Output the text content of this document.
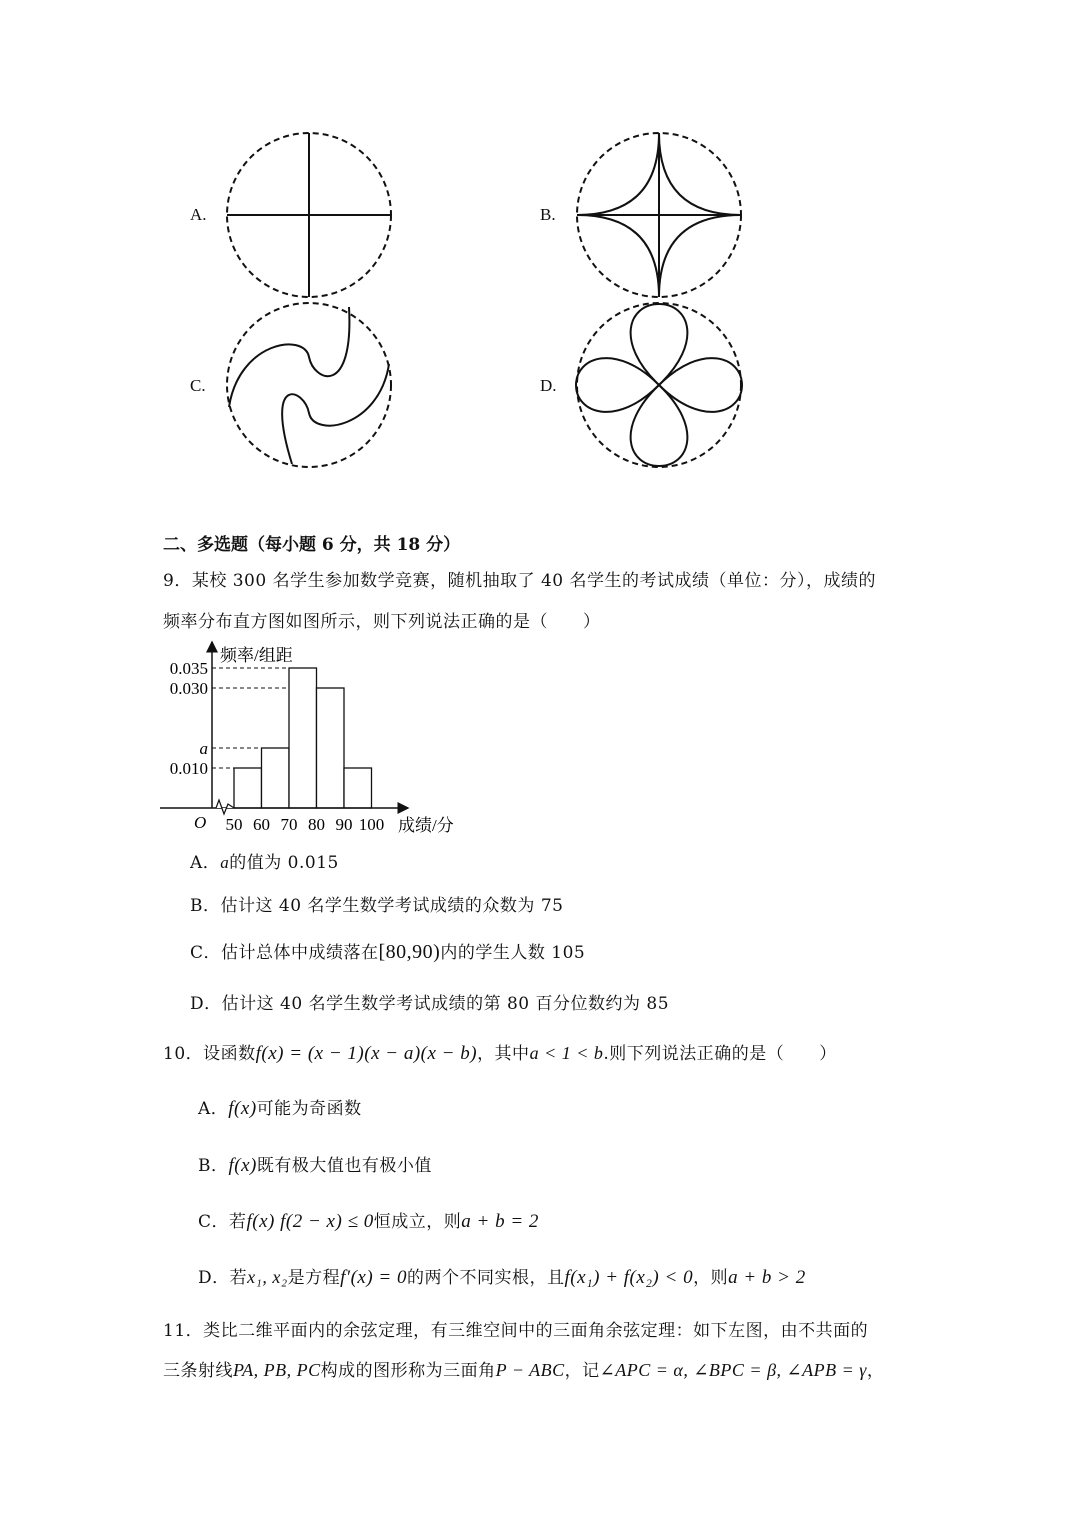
A.	B.
C.	D.
二、多选题（每小题 6 分，共 18 分）
9．某校 300 名学生参加数学竞赛，随机抽取了 40 名学生的考试成绩（单位：分），成绩的
频率分布直方图如图所示，则下列说法正确的是（　　）
频率/组距
O	成绩/分
0.035
0.030
a
0.010
50 60 70 80 90 100
A．a的值为 0.015
B．估计这 40 名学生数学考试成绩的众数为 75
C．估计总体中成绩落在[80,90)内的学生人数 105
D．估计这 40 名学生数学考试成绩的第 80 百分位数约为 85
10．设函数f(x) = (x − 1)(x − a)(x − b)，其中a < 1 < b.则下列说法正确的是（　　）
A．f(x)可能为奇函数
B．f(x)既有极大值也有极小值
C．若f(x) f(2 − x) ≤ 0恒成立，则a + b = 2
D．若x₁, x₂是方程f′(x) = 0的两个不同实根，且f(x₁) + f(x₂) < 0，则a + b > 2
11．类比二维平面内的余弦定理，有三维空间中的三面角余弦定理：如下左图，由不共面的
三条射线PA, PB, PC构成的图形称为三面角P − ABC，记∠APC = α, ∠BPC = β, ∠APB = γ，
